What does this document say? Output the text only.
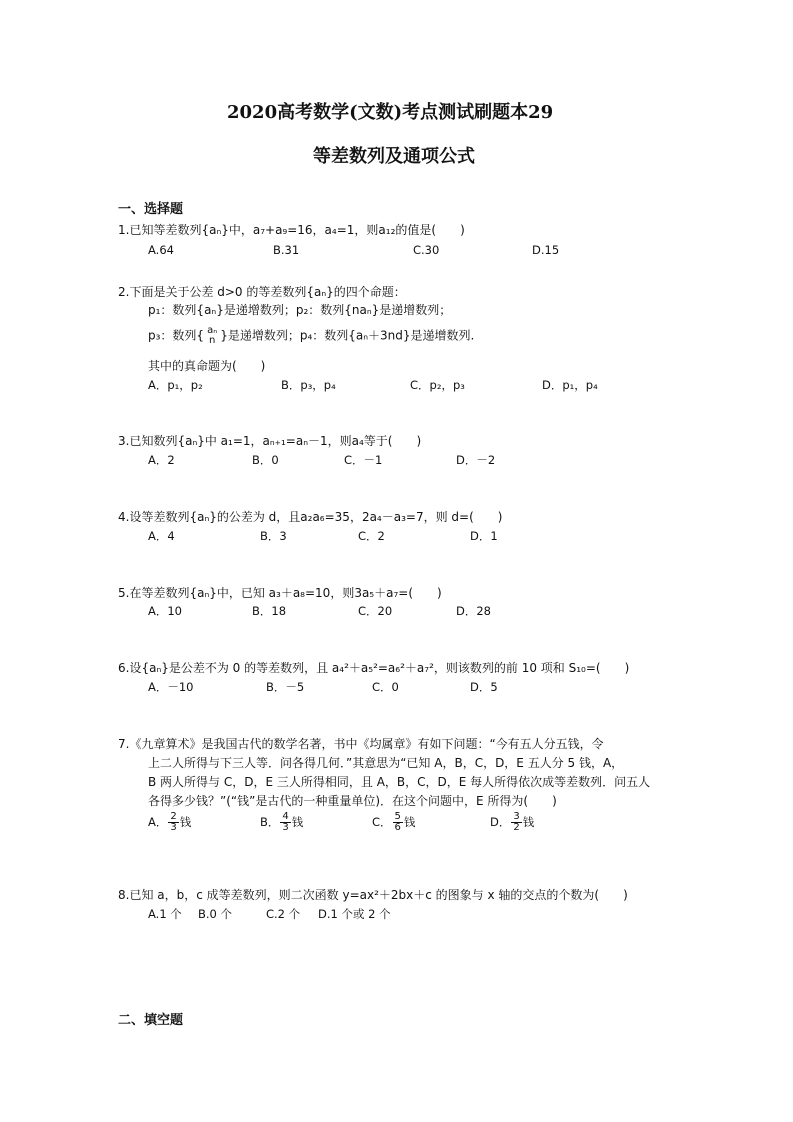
2020高考数学(文数)考点测试刷题本29
等差数列及通项公式
一、选择题
1.已知等差数列{aₙ}中，a₇+a₉=16，a₄=1，则a₁₂的值是(　　)
A.64	B.31	C.30	D.15
2.下面是关于公差 d>0 的等差数列{aₙ}的四个命题：
p₁：数列{aₙ}是递增数列；p₂：数列{naₙ}是递增数列；
p₃：数列{ aₙ
n }是递增数列；p₄：数列{aₙ＋3nd}是递增数列.
其中的真命题为(　　)
A．p₁，p₂	B．p₃，p₄	C．p₂，p₃	D．p₁，p₄
3.已知数列{aₙ}中 a₁=1，aₙ₊₁=aₙ－1，则a₄等于(　　)
A．2	B．0	C．－1	D．－2
4.设等差数列{aₙ}的公差为 d，且a₂a₆=35，2a₄－a₃=7，则 d=(　　)
A．4	B．3	C．2	D．1
5.在等差数列{aₙ}中，已知 a₃＋a₈=10，则3a₅＋a₇=(　　)
A．10	B．18	C．20	D．28
6.设{aₙ}是公差不为 0 的等差数列，且 a₄²＋a₅²=a₆²＋a₇²，则该数列的前 10 项和 S₁₀=(　　)
A．－10	B．－5	C．0	D．5
7.《九章算术》是我国古代的数学名著，书中《均属章》有如下问题：“今有五人分五钱，令
上二人所得与下三人等．问各得几何．”其意思为“已知 A，B，C，D，E 五人分 5 钱，A，
B 两人所得与 C，D，E 三人所得相同，且 A，B，C，D，E 每人所得依次成等差数列．问五人
各得多少钱？”(“钱”是古代的一种重量单位)．在这个问题中，E 所得为(　　)
A． $\frac{2}{3}$ 钱	B． $\frac{4}{3}$ 钱	C． $\frac{5}{6}$ 钱	D． $\frac{3}{2}$ 钱
8.已知 a，b，c 成等差数列，则二次函数 y=ax²＋2bx＋c 的图象与 x 轴的交点的个数为(　　)
A.1 个 B.0 个	C.2 个 D.1 个或 2 个
二、填空题
